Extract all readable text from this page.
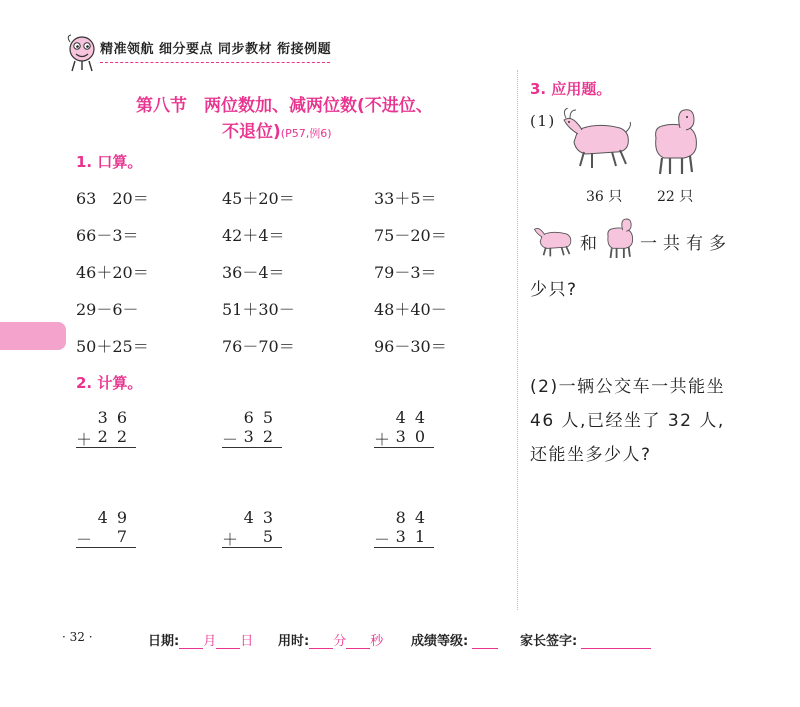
精准领航 细分要点 同步教材 衔接例题
第八节　两位数加、减两位数(不进位、
不退位)(P57,例6)
1. 口算。
63　20＝	45＋20＝	33＋5＝
66－3＝	42＋4＝	75－20＝
46＋20＝	36－4＝	79－3＝
29－6－	51＋30－	48＋40－
50＋25＝	76－70＝	96－30＝
2. 计算。
36
＋ 22
65
－ 32
44
＋ 30
49
－ 7
43
＋ 5
84
－ 31
3. 应用题。
(1)
36 只 22 只
和 一共有多
少只?
(2)一辆公交车一共能坐
46 人,已经坐了 32 人,
还能坐多少人?
· 32 ·	日期: 月 日 用时: 分 秒 成绩等级:	家长签字:
